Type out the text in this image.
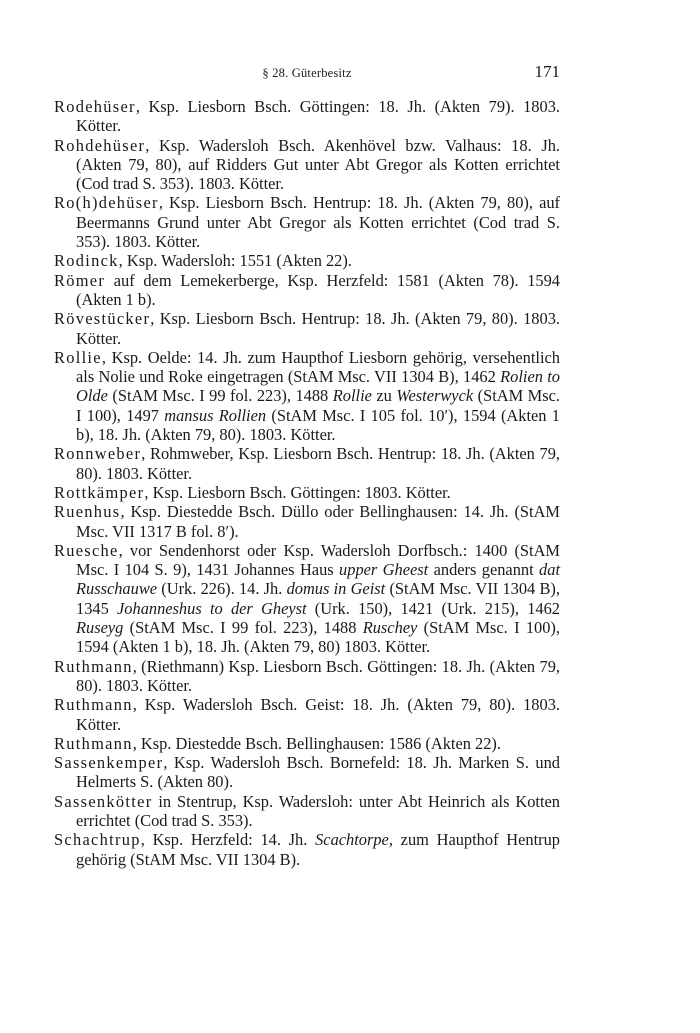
§ 28. Güterbesitz	171

Rodehüser, Ksp. Liesborn Bsch. Göttingen: 18. Jh. (Akten 79). 1803. Kötter.

Rohdehüser, Ksp. Wadersloh Bsch. Akenhövel bzw. Valhaus: 18. Jh. (Akten 79, 80), auf Ridders Gut unter Abt Gregor als Kotten errichtet (Cod trad S. 353). 1803. Kötter.

Ro(h)dehüser, Ksp. Liesborn Bsch. Hentrup: 18. Jh. (Akten 79, 80), auf Beermanns Grund unter Abt Gregor als Kotten errichtet (Cod trad S. 353). 1803. Kötter.

Rodinck, Ksp. Wadersloh: 1551 (Akten 22).

Römer auf dem Lemekerberge, Ksp. Herzfeld: 1581 (Akten 78). 1594 (Akten 1 b).

Rövestücker, Ksp. Liesborn Bsch. Hentrup: 18. Jh. (Akten 79, 80). 1803. Kötter.

Rollie, Ksp. Oelde: 14. Jh. zum Haupthof Liesborn gehörig, versehentlich als Nolie und Roke eingetragen (StAM Msc. VII 1304 B), 1462 Rolien to Olde (StAM Msc. I 99 fol. 223), 1488 Rollie zu Westerwyck (StAM Msc. I 100), 1497 mansus Rollien (StAM Msc. I 105 fol. 10′), 1594 (Akten 1 b), 18. Jh. (Akten 79, 80). 1803. Kötter.

Ronnweber, Rohmweber, Ksp. Liesborn Bsch. Hentrup: 18. Jh. (Akten 79, 80). 1803. Kötter.

Rottkämper, Ksp. Liesborn Bsch. Göttingen: 1803. Kötter.

Ruenhus, Ksp. Diestedde Bsch. Düllo oder Bellinghausen: 14. Jh. (StAM Msc. VII 1317 B fol. 8′).

Ruesche, vor Sendenhorst oder Ksp. Wadersloh Dorfbsch.: 1400 (StAM Msc. I 104 S. 9), 1431 Johannes Haus upper Gheest anders genannt dat Russchauwe (Urk. 226). 14. Jh. domus in Geist (StAM Msc. VII 1304 B), 1345 Johanneshus to der Gheyst (Urk. 150), 1421 (Urk. 215), 1462 Ruseyg (StAM Msc. I 99 fol. 223), 1488 Ruschey (StAM Msc. I 100), 1594 (Akten 1 b), 18. Jh. (Akten 79, 80) 1803. Kötter.

Ruthmann, (Riethmann) Ksp. Liesborn Bsch. Göttingen: 18. Jh. (Akten 79, 80). 1803. Kötter.

Ruthmann, Ksp. Wadersloh Bsch. Geist: 18. Jh. (Akten 79, 80). 1803. Kötter.

Ruthmann, Ksp. Diestedde Bsch. Bellinghausen: 1586 (Akten 22).

Sassenkemper, Ksp. Wadersloh Bsch. Bornefeld: 18. Jh. Marken S. und Helmerts S. (Akten 80).

Sassenkötter in Stentrup, Ksp. Wadersloh: unter Abt Heinrich als Kotten errichtet (Cod trad S. 353).

Schachtrup, Ksp. Herzfeld: 14. Jh. Scachtorpe, zum Haupthof Hentrup gehörig (StAM Msc. VII 1304 B).
